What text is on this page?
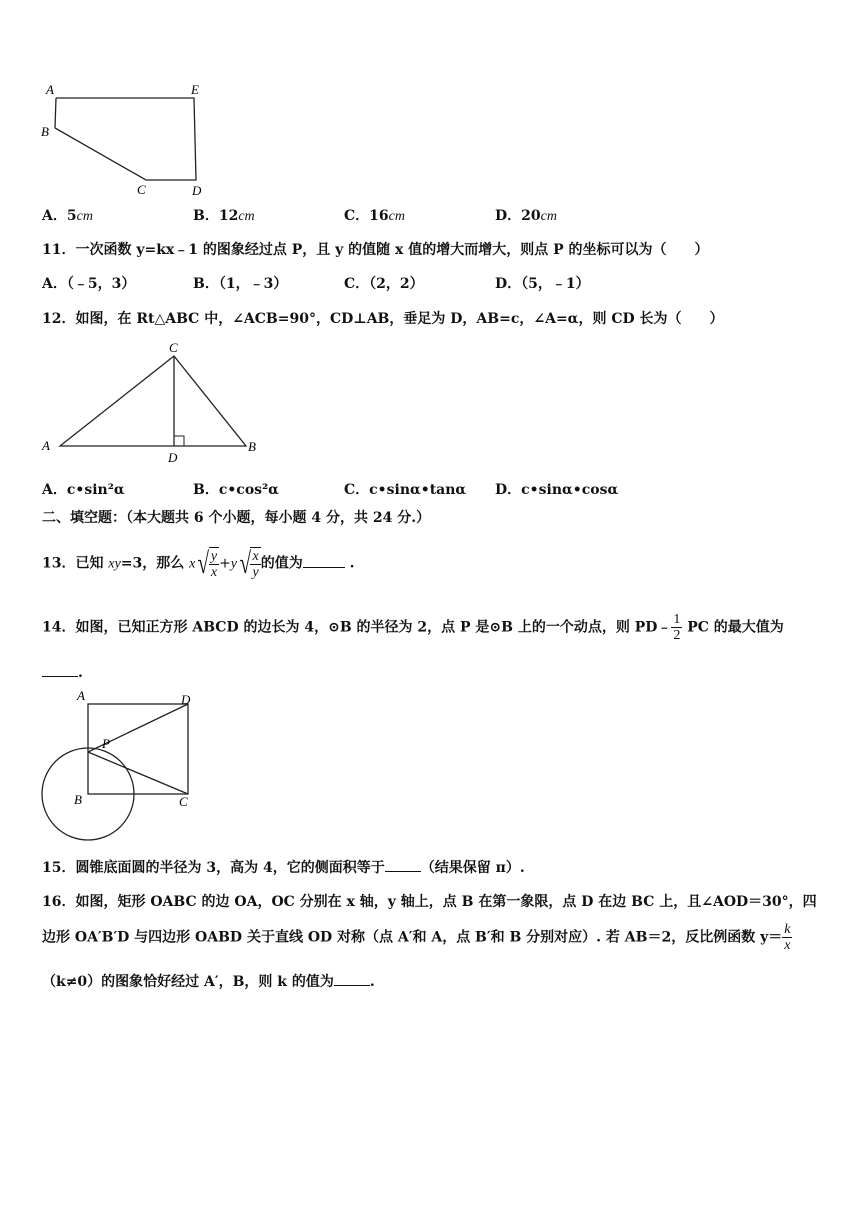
A	E
B
C	D
A．5cm	B．12cm	C．16cm	D．20cm
11．一次函数 y=kx﹣1 的图象经过点 P，且 y 的值随 x 值的增大而增大，则点 P 的坐标可以为（　　）
A．（﹣5，3）	B．（1，﹣3）	C．（2，2）	D．（5，﹣1）
12．如图，在 Rt△ABC 中，∠ACB=90°，CD⊥AB，垂足为 D，AB=c，∠A=α，则 CD 长为（　　）
A
C
B
D
A．c•sin²α	B．c•cos²α	C．c•sinα•tanα D．c•sinα•cosα
二、填空题：（本大题共 6 个小题，每小题 4 分，共 24 分.）
13．已知 xy=3，那么 $x√ \frac{y}{x} +y√ \frac{x}{y}$ 的值为	.
14．如图，已知正方形 ABCD 的边长为 4，⊙B 的半径为 2，点 P 是⊙B 上的一个动点，则 PD﹣ $\frac{1}{2}$ PC 的最大值为
.
A	D
P
B	C
15．圆锥底面圆的半径为 3，高为 4，它的侧面积等于	（结果保留 π）.
16．如图，矩形 OABC 的边 OA，OC 分别在 x 轴，y 轴上，点 B 在第一象限，点 D 在边 BC 上，且∠AOD＝30°，四
边形 OA′B′D 与四边形 OABD 关于直线 OD 对称（点 A′和 A，点 B′和 B 分别对应）. 若 AB＝2，反比例函数 $y= \frac{k}{x}$
（k≠0）的图象恰好经过 A′，B，则 k 的值为	.
